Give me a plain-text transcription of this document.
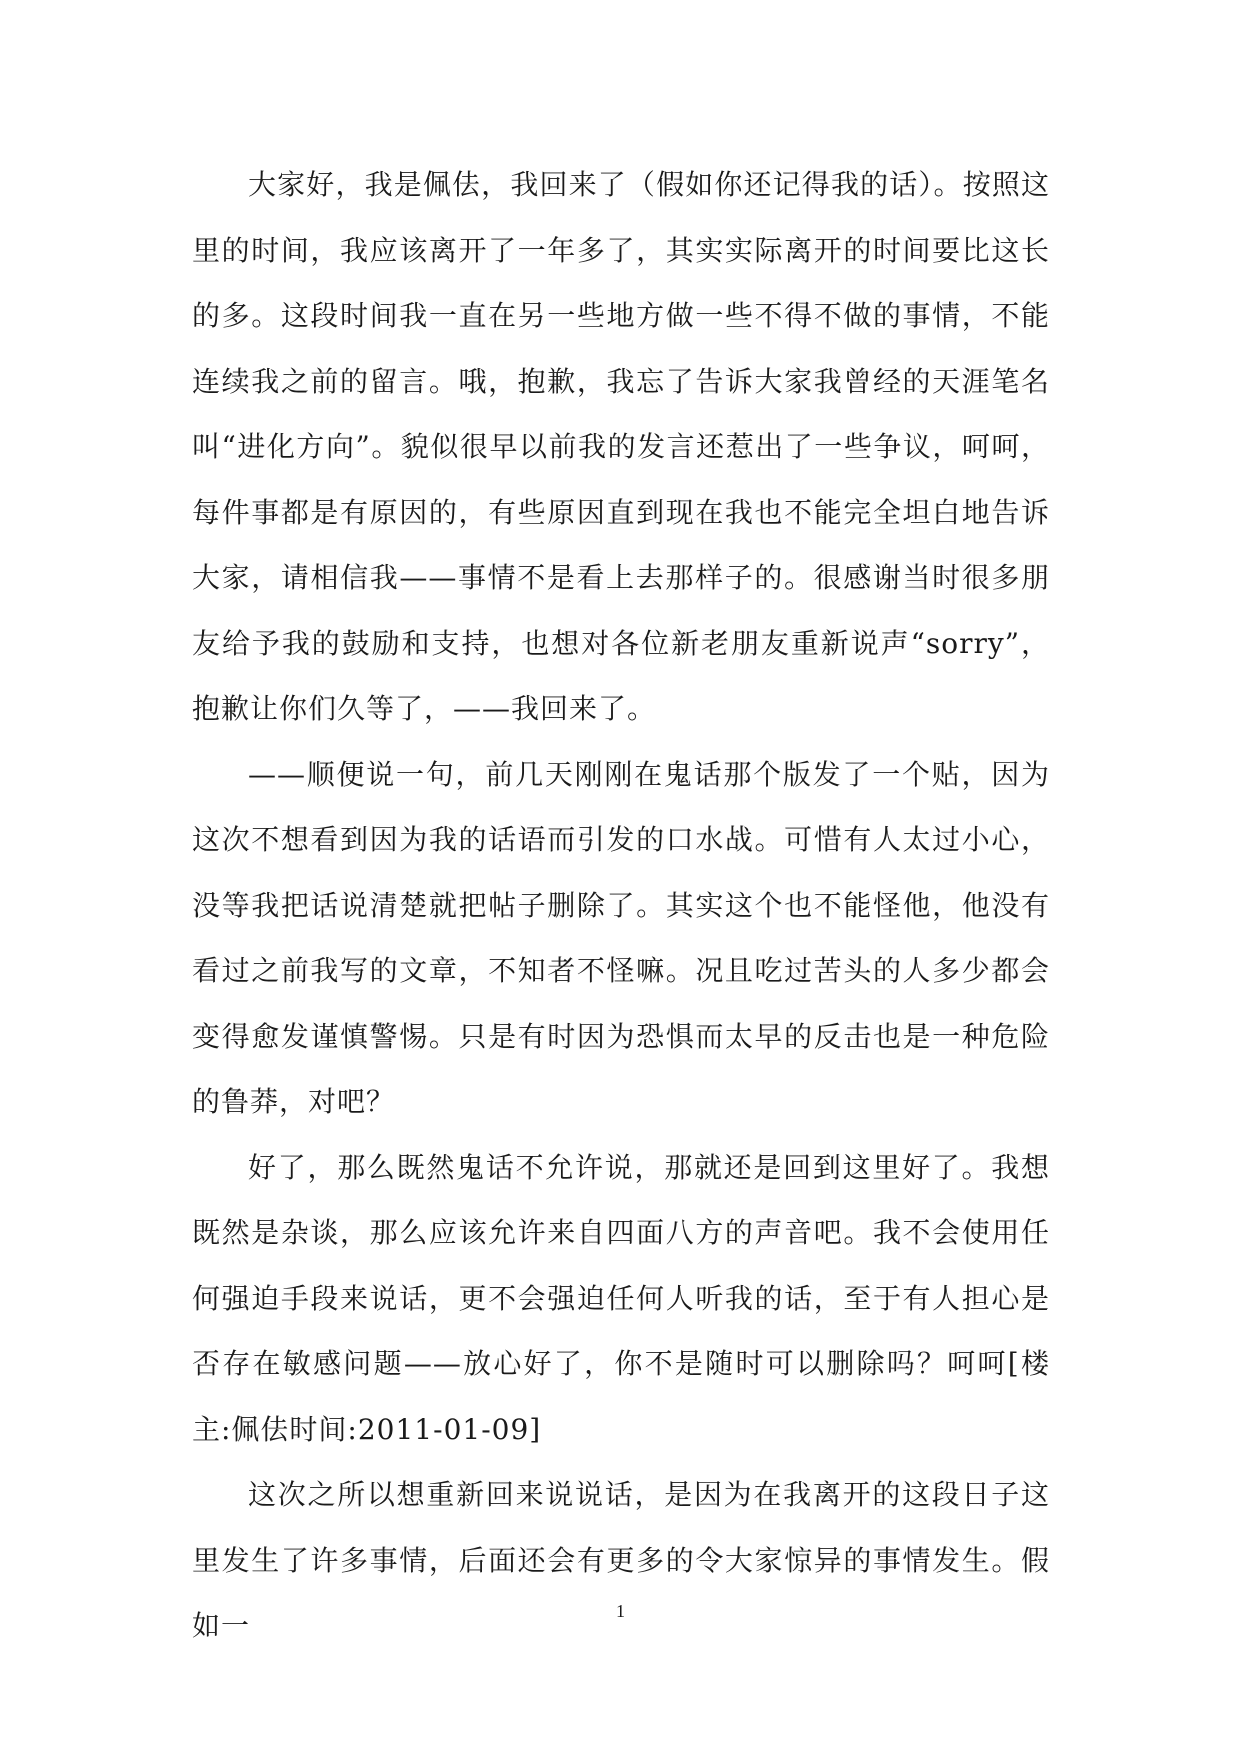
大家好，我是佩佉，我回来了（假如你还记得我的话）。按照这里的时间，我应该离开了一年多了，其实实际离开的时间要比这长的多。这段时间我一直在另一些地方做一些不得不做的事情，不能连续我之前的留言。哦，抱歉，我忘了告诉大家我曾经的天涯笔名叫“进化方向”。貌似很早以前我的发言还惹出了一些争议，呵呵，每件事都是有原因的，有些原因直到现在我也不能完全坦白地告诉大家，请相信我——事情不是看上去那样子的。很感谢当时很多朋友给予我的鼓励和支持，也想对各位新老朋友重新说声“sorry”，抱歉让你们久等了，——我回来了。

——顺便说一句，前几天刚刚在鬼话那个版发了一个贴，因为这次不想看到因为我的话语而引发的口水战。可惜有人太过小心，没等我把话说清楚就把帖子删除了。其实这个也不能怪他，他没有看过之前我写的文章，不知者不怪嘛。况且吃过苦头的人多少都会变得愈发谨慎警惕。只是有时因为恐惧而太早的反击也是一种危险的鲁莽，对吧？

好了，那么既然鬼话不允许说，那就还是回到这里好了。我想既然是杂谈，那么应该允许来自四面八方的声音吧。我不会使用任何强迫手段来说话，更不会强迫任何人听我的话，至于有人担心是否存在敏感问题——放心好了，你不是随时可以删除吗？呵呵[楼主:佩佉时间:2011-01-09]

这次之所以想重新回来说说话，是因为在我离开的这段日子这里发生了许多事情，后面还会有更多的令大家惊异的事情发生。假如一	1
